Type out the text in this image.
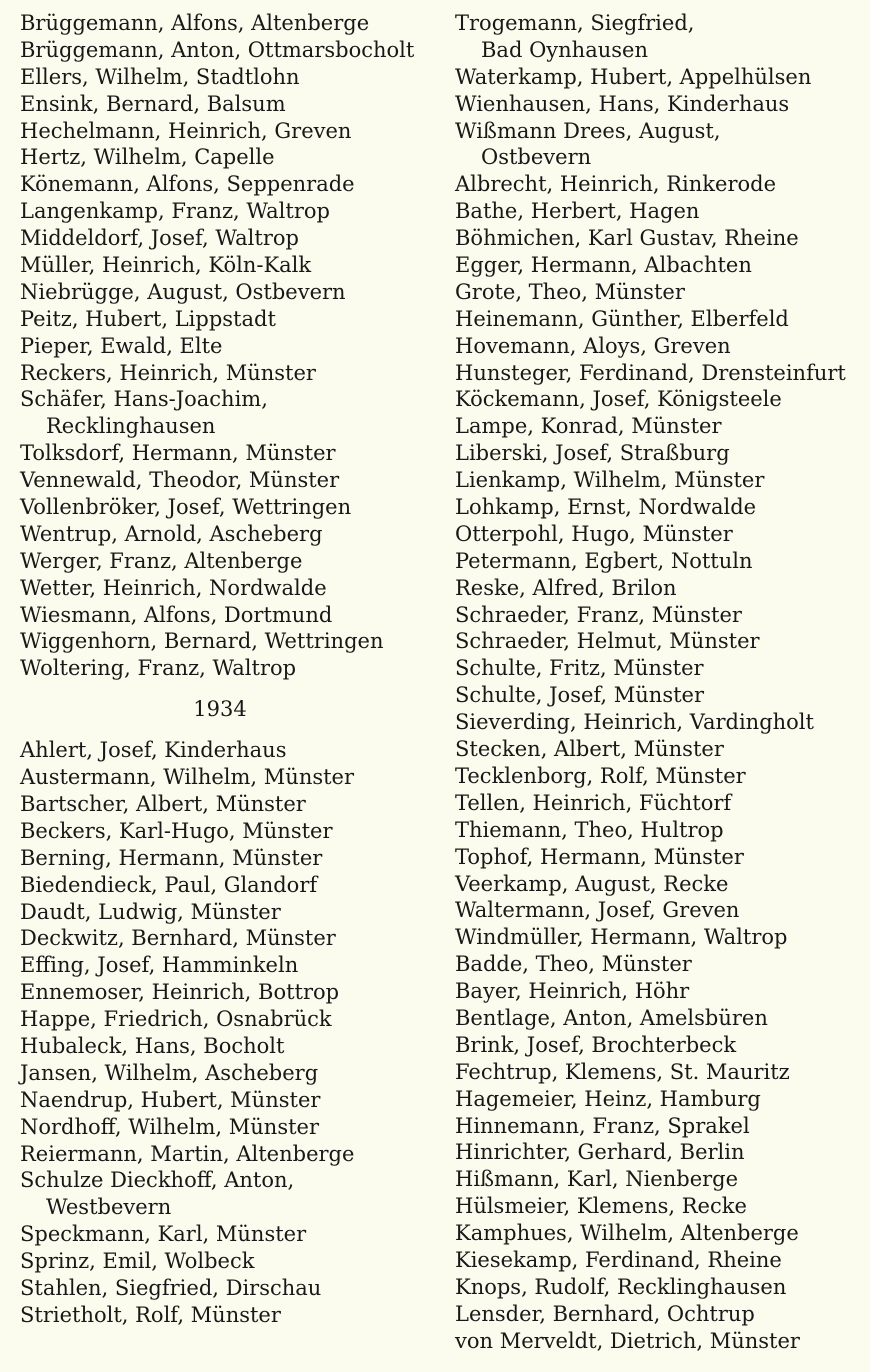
Brüggemann, Alfons, Altenberge
Brüggemann, Anton, Ottmarsbocholt
Ellers, Wilhelm, Stadtlohn
Ensink, Bernard, Balsum
Hechelmann, Heinrich, Greven
Hertz, Wilhelm, Capelle
Könemann, Alfons, Seppenrade
Langenkamp, Franz, Waltrop
Middeldorf, Josef, Waltrop
Müller, Heinrich, Köln-Kalk
Niebrügge, August, Ostbevern
Peitz, Hubert, Lippstadt
Pieper, Ewald, Elte
Reckers, Heinrich, Münster
Schäfer, Hans-Joachim,
Recklinghausen
Tolksdorf, Hermann, Münster
Vennewald, Theodor, Münster
Vollenbröker, Josef, Wettringen
Wentrup, Arnold, Ascheberg
Werger, Franz, Altenberge
Wetter, Heinrich, Nordwalde
Wiesmann, Alfons, Dortmund
Wiggenhorn, Bernard, Wettringen
Woltering, Franz, Waltrop
1934
Ahlert, Josef, Kinderhaus
Austermann, Wilhelm, Münster
Bartscher, Albert, Münster
Beckers, Karl-Hugo, Münster
Berning, Hermann, Münster
Biedendieck, Paul, Glandorf
Daudt, Ludwig, Münster
Deckwitz, Bernhard, Münster
Effing, Josef, Hamminkeln
Ennemoser, Heinrich, Bottrop
Happe, Friedrich, Osnabrück
Hubaleck, Hans, Bocholt
Jansen, Wilhelm, Ascheberg
Naendrup, Hubert, Münster
Nordhoff, Wilhelm, Münster
Reiermann, Martin, Altenberge
Schulze Dieckhoff, Anton,
Westbevern
Speckmann, Karl, Münster
Sprinz, Emil, Wolbeck
Stahlen, Siegfried, Dirschau
Strietholt, Rolf, Münster
Trogemann, Siegfried,
Bad Oynhausen
Waterkamp, Hubert, Appelhülsen
Wienhausen, Hans, Kinderhaus
Wißmann Drees, August,
Ostbevern
Albrecht, Heinrich, Rinkerode
Bathe, Herbert, Hagen
Böhmichen, Karl Gustav, Rheine
Egger, Hermann, Albachten
Grote, Theo, Münster
Heinemann, Günther, Elberfeld
Hovemann, Aloys, Greven
Hunsteger, Ferdinand, Drensteinfurt
Köckemann, Josef, Königsteele
Lampe, Konrad, Münster
Liberski, Josef, Straßburg
Lienkamp, Wilhelm, Münster
Lohkamp, Ernst, Nordwalde
Otterpohl, Hugo, Münster
Petermann, Egbert, Nottuln
Reske, Alfred, Brilon
Schraeder, Franz, Münster
Schraeder, Helmut, Münster
Schulte, Fritz, Münster
Schulte, Josef, Münster
Sieverding, Heinrich, Vardingholt
Stecken, Albert, Münster
Tecklenborg, Rolf, Münster
Tellen, Heinrich, Füchtorf
Thiemann, Theo, Hultrop
Tophof, Hermann, Münster
Veerkamp, August, Recke
Waltermann, Josef, Greven
Windmüller, Hermann, Waltrop
Badde, Theo, Münster
Bayer, Heinrich, Höhr
Bentlage, Anton, Amelsbüren
Brink, Josef, Brochterbeck
Fechtrup, Klemens, St. Mauritz
Hagemeier, Heinz, Hamburg
Hinnemann, Franz, Sprakel
Hinrichter, Gerhard, Berlin
Hißmann, Karl, Nienberge
Hülsmeier, Klemens, Recke
Kamphues, Wilhelm, Altenberge
Kiesekamp, Ferdinand, Rheine
Knops, Rudolf, Recklinghausen
Lensder, Bernhard, Ochtrup
von Merveldt, Dietrich, Münster
